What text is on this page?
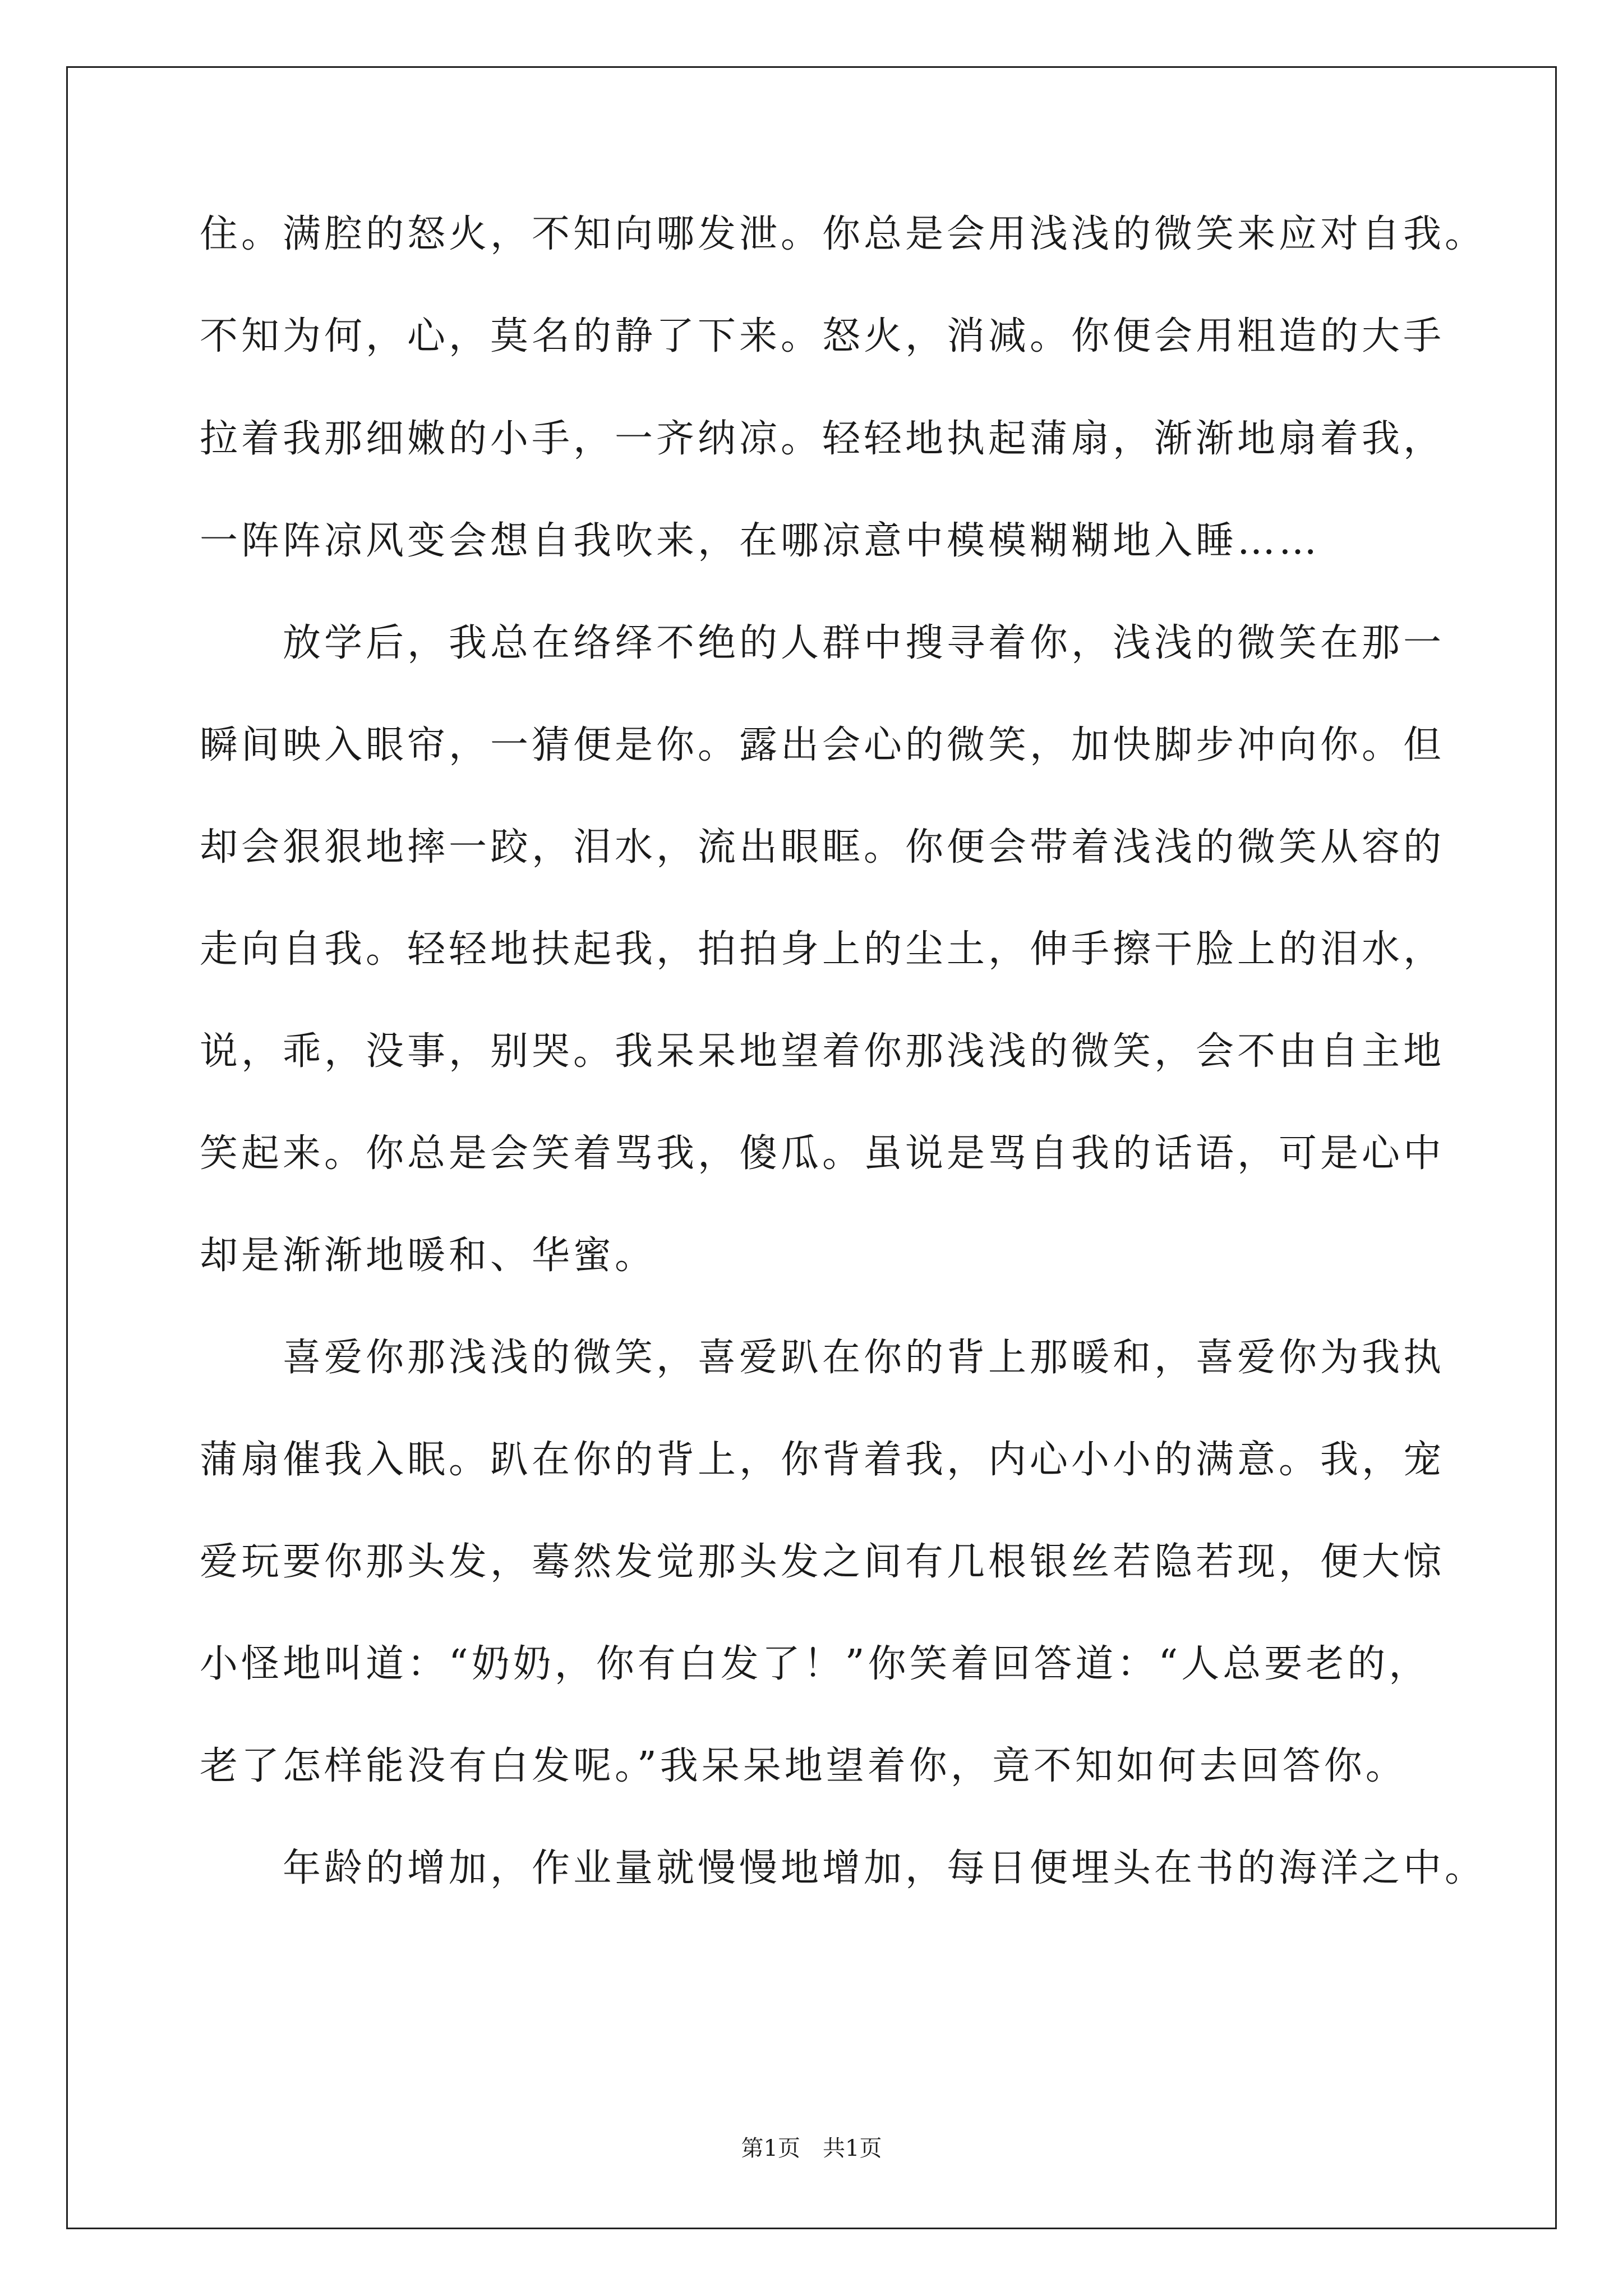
住。满腔的怒火，不知向哪发泄。你总是会用浅浅的微笑来应对自我。
不知为何，心，莫名的静了下来。怒火，消减。你便会用粗造的大手
拉着我那细嫩的小手，一齐纳凉。轻轻地执起蒲扇，渐渐地扇着我，
一阵阵凉风变会想自我吹来，在哪凉意中模模糊糊地入睡……
　　放学后，我总在络绎不绝的人群中搜寻着你，浅浅的微笑在那一
瞬间映入眼帘，一猜便是你。露出会心的微笑，加快脚步冲向你。但
却会狠狠地摔一跤，泪水，流出眼眶。你便会带着浅浅的微笑从容的
走向自我。轻轻地扶起我，拍拍身上的尘土，伸手擦干脸上的泪水，
说，乖，没事，别哭。我呆呆地望着你那浅浅的微笑，会不由自主地
笑起来。你总是会笑着骂我，傻瓜。虽说是骂自我的话语，可是心中
却是渐渐地暖和、华蜜。
　　喜爱你那浅浅的微笑，喜爱趴在你的背上那暖和，喜爱你为我执
蒲扇催我入眠。趴在你的背上，你背着我，内心小小的满意。我，宠
爱玩要你那头发，蓦然发觉那头发之间有几根银丝若隐若现，便大惊
小怪地叫道：“奶奶，你有白发了！”你笑着回答道：“人总要老的，
老了怎样能没有白发呢。”我呆呆地望着你，竟不知如何去回答你。
　　年龄的增加，作业量就慢慢地增加，每日便埋头在书的海洋之中。
第1页　共1页
